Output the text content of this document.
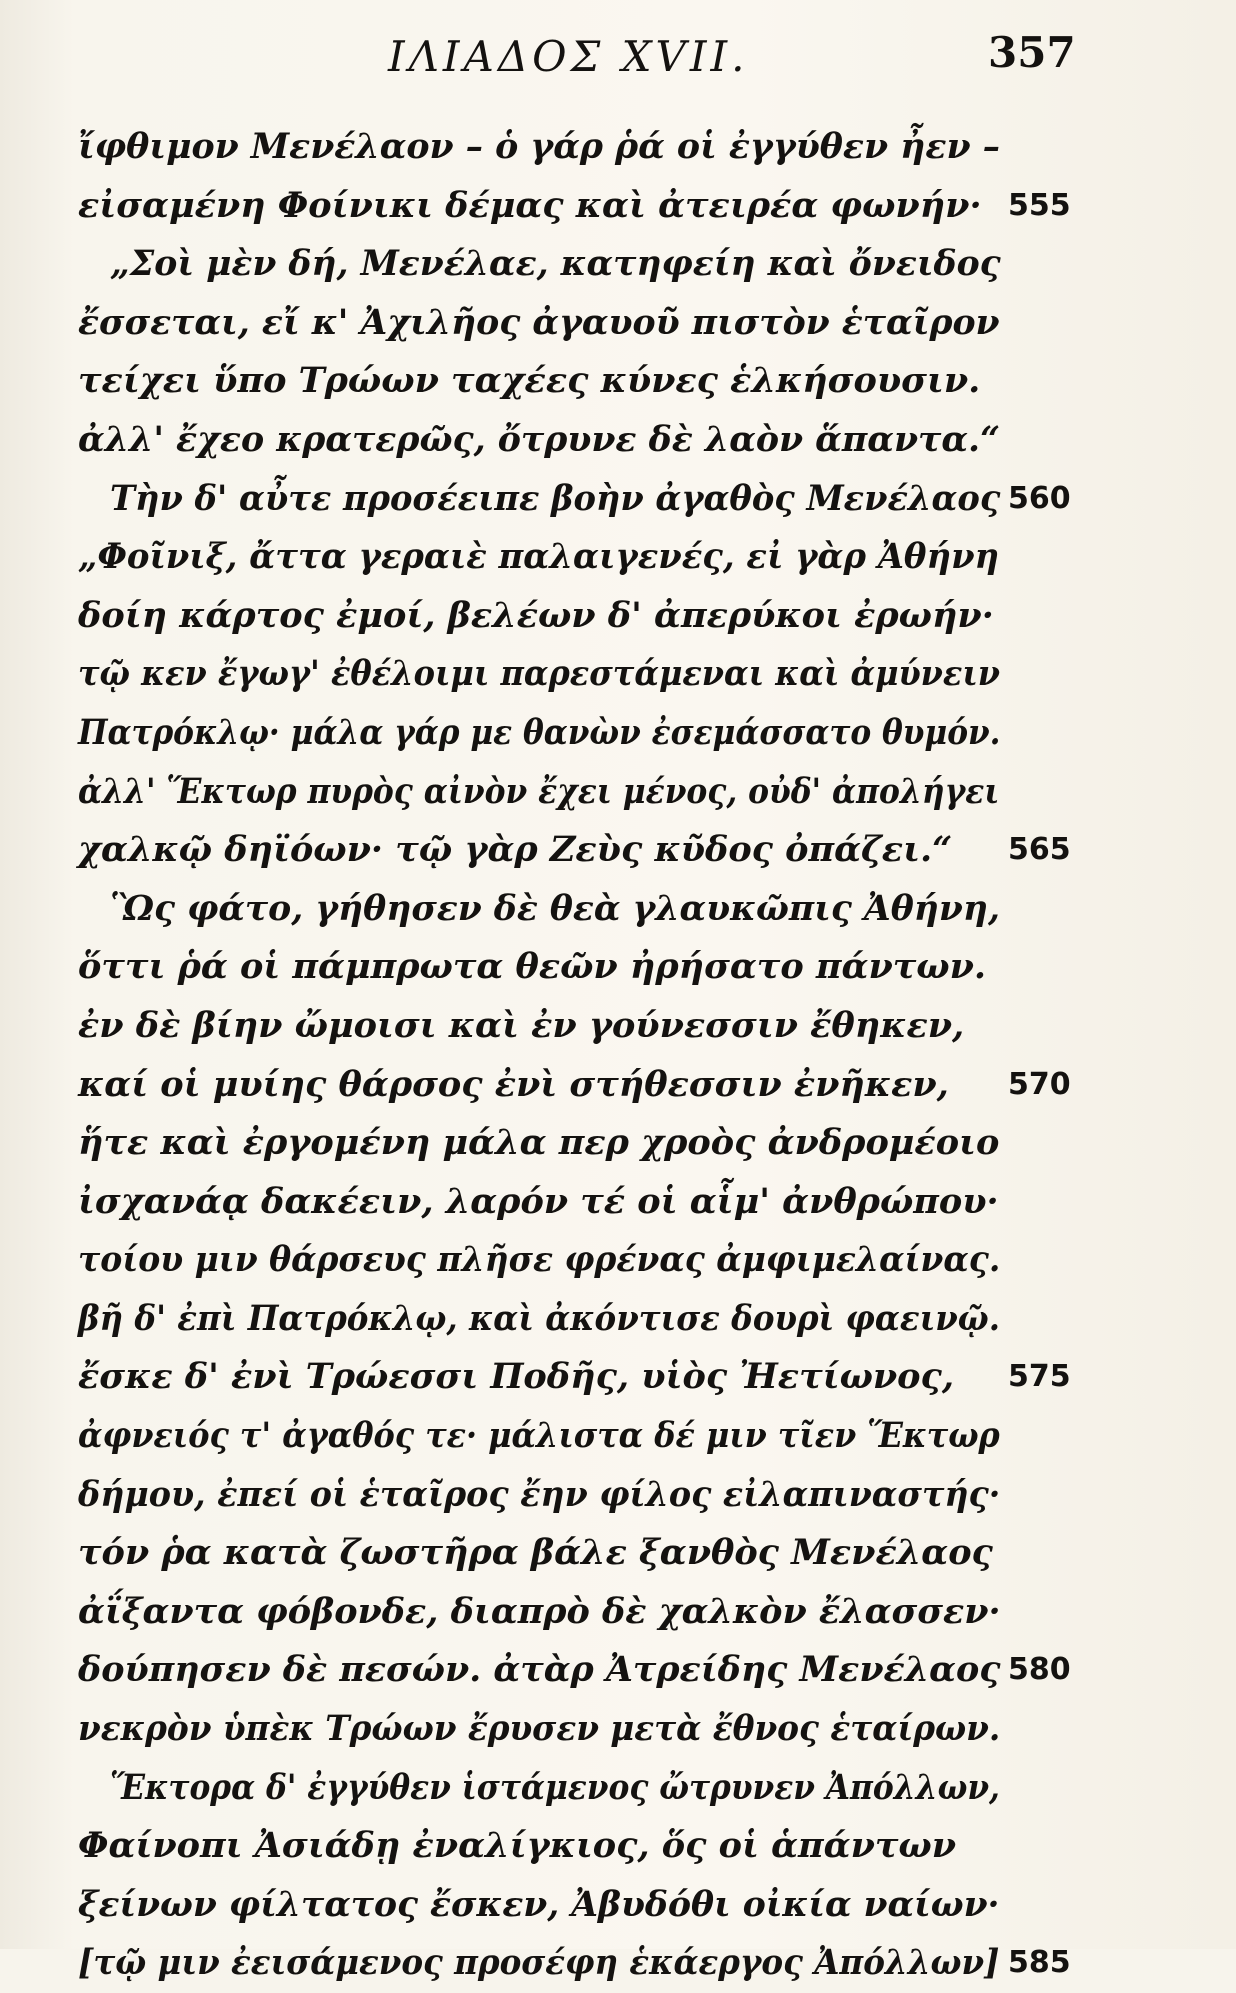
ΙΛΙΑΔΟΣ XVII.	357
ἴφθιμον Μενέλαον – ὁ γάρ ῥά οἱ ἐγγύθεν ἦεν –
εἰσαμένη Φοίνικι δέμας καὶ ἀτειρέα φωνήν· 555
„Σοὶ μὲν δή, Μενέλαε, κατηφείη καὶ ὄνειδος
ἔσσεται, εἴ κ' Ἀχιλῆος ἀγαυοῦ πιστὸν ἑταῖρον
τείχει ὕπο Τρώων ταχέες κύνες ἑλκήσουσιν.
ἀλλ' ἔχεο κρατερῶς, ὄτρυνε δὲ λαὸν ἅπαντα.“
Τὴν δ' αὖτε προσέειπε βοὴν ἀγαθὸς Μενέλαος 560
„Φοῖνιξ, ἄττα γεραιὲ παλαιγενές, εἰ γὰρ Ἀθήνη
δοίη κάρτος ἐμοί, βελέων δ' ἀπερύκοι ἐρωήν·
τῷ κεν ἔγωγ' ἐθέλοιμι παρεστάμεναι καὶ ἀμύνειν
Πατρόκλῳ· μάλα γάρ με θανὼν ἐσεμάσσατο θυμόν.
ἀλλ' Ἕκτωρ πυρὸς αἰνὸν ἔχει μένος, οὐδ' ἀπολήγει
χαλκῷ δηϊόων· τῷ γὰρ Ζεὺς κῦδος ὀπάζει.“ 565
Ὣς φάτο, γήθησεν δὲ θεὰ γλαυκῶπις Ἀθήνη,
ὅττι ῥά οἱ πάμπρωτα θεῶν ἠρήσατο πάντων.
ἐν δὲ βίην ὤμοισι καὶ ἐν γούνεσσιν ἔθηκεν,
καί οἱ μυίης θάρσος ἐνὶ στήθεσσιν ἐνῆκεν, 570
ἥτε καὶ ἐργομένη μάλα περ χροὸς ἀνδρομέοιο
ἰσχανάᾳ δακέειν, λαρόν τέ οἱ αἷμ' ἀνθρώπου·
τοίου μιν θάρσευς πλῆσε φρένας ἀμφιμελαίνας.
βῆ δ' ἐπὶ Πατρόκλῳ, καὶ ἀκόντισε δουρὶ φαεινῷ.
ἔσκε δ' ἐνὶ Τρώεσσι Ποδῆς, υἱὸς Ἠετίωνος, 575
ἀφνειός τ' ἀγαθός τε· μάλιστα δέ μιν τῖεν Ἕκτωρ
δήμου, ἐπεί οἱ ἑταῖρος ἔην φίλος εἰλαπιναστής·
τόν ῥα κατὰ ζωστῆρα βάλε ξανθὸς Μενέλαος
ἀΐξαντα φόβονδε, διαπρὸ δὲ χαλκὸν ἔλασσεν·
δούπησεν δὲ πεσών. ἀτὰρ Ἀτρείδης Μενέλαος 580
νεκρὸν ὑπὲκ Τρώων ἔρυσεν μετὰ ἔθνος ἑταίρων.
Ἕκτορα δ' ἐγγύθεν ἱστάμενος ὤτρυνεν Ἀπόλλων,
Φαίνοπι Ἀσιάδῃ ἐναλίγκιος, ὅς οἱ ἁπάντων
ξείνων φίλτατος ἔσκεν, Ἀβυδόθι οἰκία ναίων·
[τῷ μιν ἐεισάμενος προσέφη ἑκάεργος Ἀπόλλων] 585
